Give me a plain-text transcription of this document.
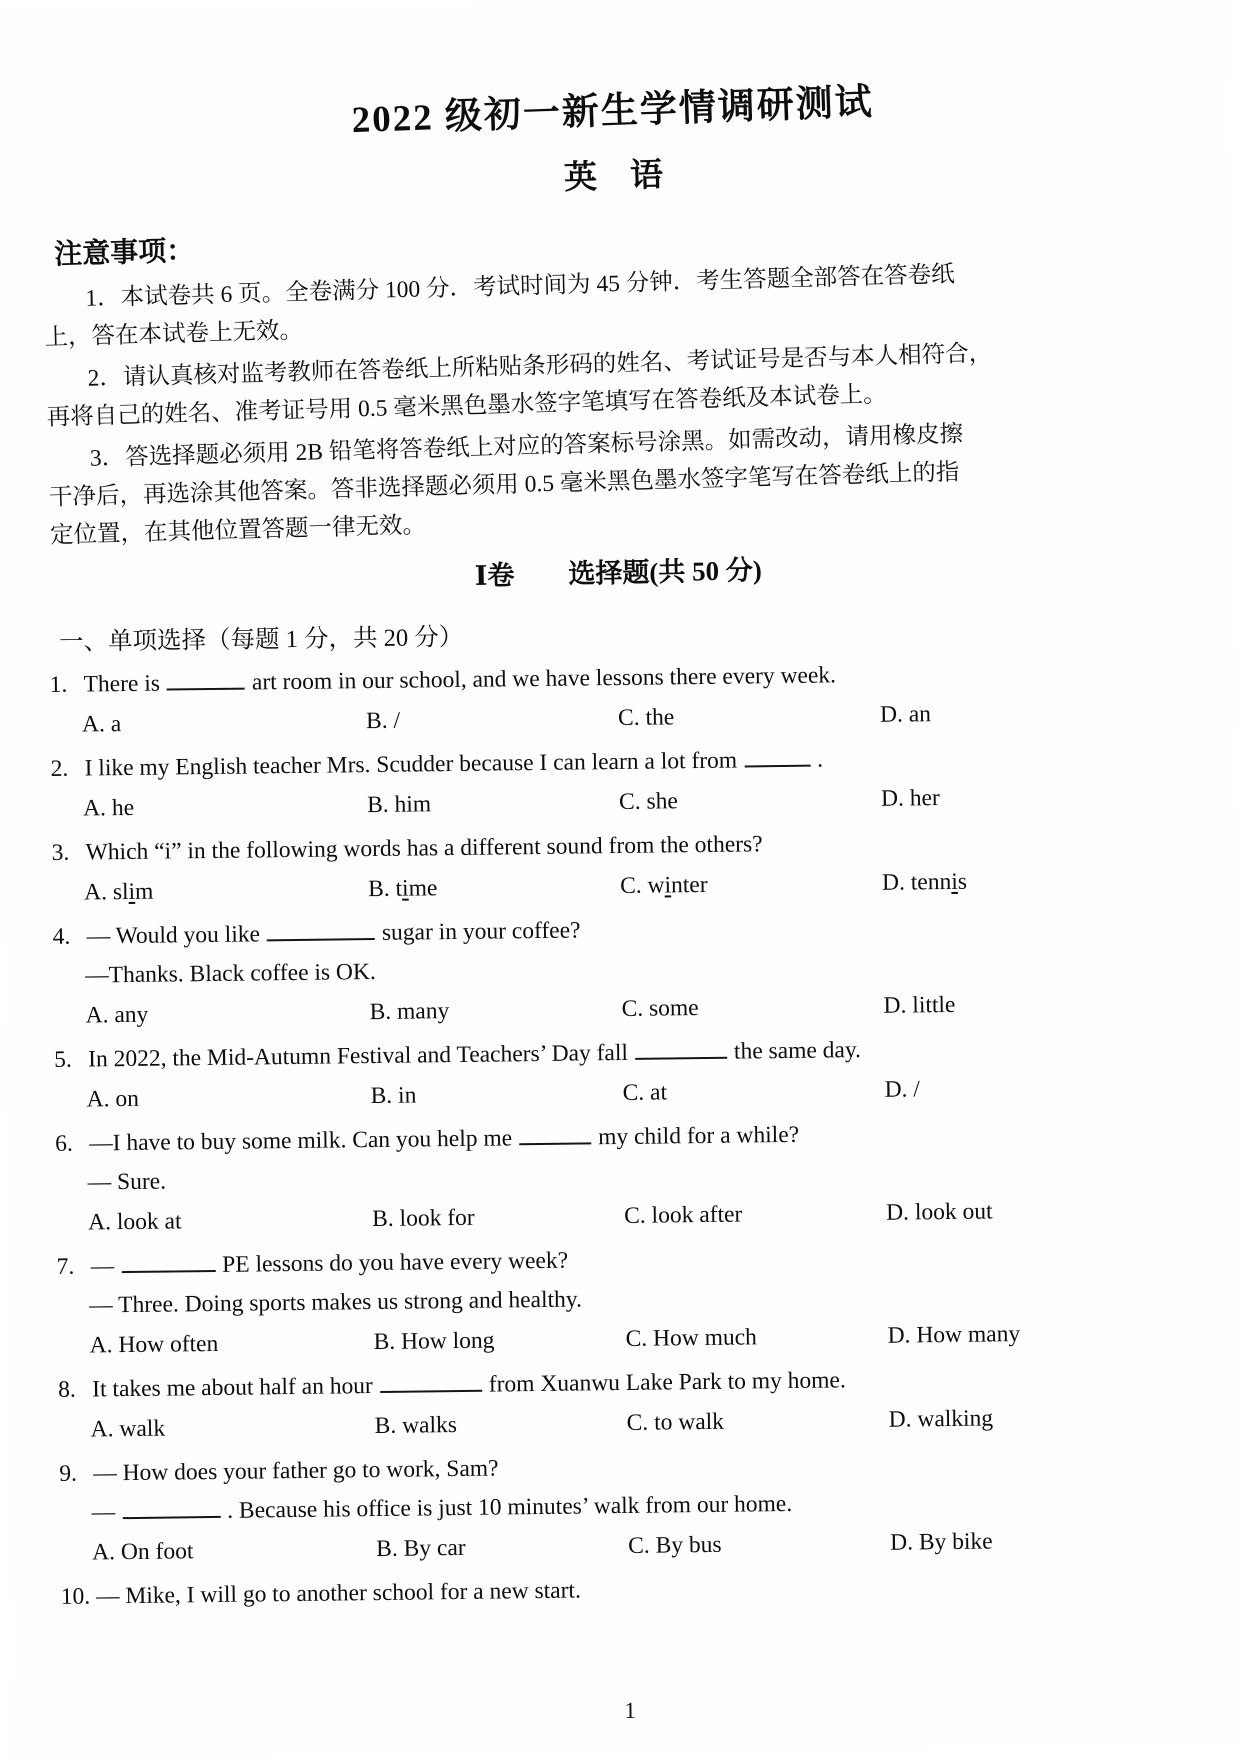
2022 级初一新生学情调研测试
英    语
注意事项：
1．本试卷共 6 页。全卷满分 100 分．考试时间为 45 分钟．考生答题全部答在答卷纸
上，答在本试卷上无效。
2．请认真核对监考教师在答卷纸上所粘贴条形码的姓名、考试证号是否与本人相符合，
再将自己的姓名、准考证号用 0.5 毫米黑色墨水签字笔填写在答卷纸及本试卷上。
3．答选择题必须用 2B 铅笔将答卷纸上对应的答案标号涂黑。如需改动，请用橡皮擦
干净后，再选涂其他答案。答非选择题必须用 0.5 毫米黑色墨水签字笔写在答卷纸上的指
定位置，在其他位置答题一律无效。
Ⅰ卷        选择题(共 50 分)
一、单项选择（每题 1 分，共 20 分）
1. There is	art room in our school, and we have lessons there every week.
A. a	B. /	C. the	D. an
2. I like my English teacher Mrs. Scudder because I can learn a lot from	.
A. he	B. him	C. she	D. her
3. Which “i” in the following words has a different sound from the others?
A. slim	B. time	C. winter	D. tennis
4. — Would you like	sugar in your coffee?
—Thanks. Black coffee is OK.
A. any	B. many	C. some	D. little
5. In 2022, the Mid-Autumn Festival and Teachers’ Day fall	the same day.
A. on	B. in	C. at	D. /
6. —I have to buy some milk. Can you help me	my child for a while?
— Sure.
A. look at	B. look for	C. look after	D. look out
7. —	PE lessons do you have every week?
— Three. Doing sports makes us strong and healthy.
A. How often	B. How long	C. How much	D. How many
8. It takes me about half an hour	from Xuanwu Lake Park to my home.
A. walk	B. walks	C. to walk	D. walking
9. — How does your father go to work, Sam?
—	. Because his office is just 10 minutes’ walk from our home.
A. On foot	B. By car	C. By bus	D. By bike
10. — Mike, I will go to another school for a new start.
1
